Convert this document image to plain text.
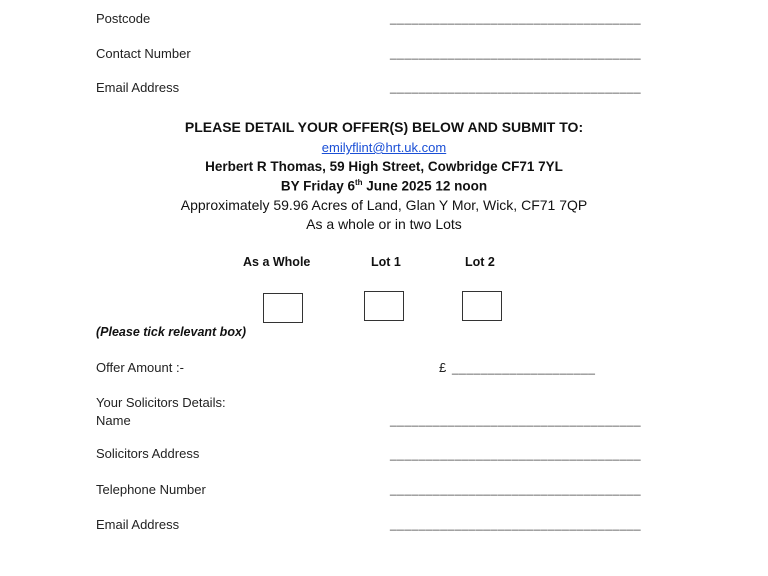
Postcode	___________________________________
Contact Number	___________________________________
Email Address	___________________________________
PLEASE DETAIL YOUR OFFER(S) BELOW AND SUBMIT TO:
emilyflint@hrt.uk.com
Herbert R Thomas, 59 High Street, Cowbridge CF71 7YL
BY Friday 6th June 2025 12 noon
Approximately 59.96 Acres of Land, Glan Y Mor, Wick, CF71 7QP
As a whole or in two Lots
As a Whole	Lot 1	Lot 2
(Please tick relevant box)
Offer Amount :-	£ ____________________
Your Solicitors Details:
Name	___________________________________
Solicitors Address	___________________________________
Telephone Number	___________________________________
Email Address	___________________________________
